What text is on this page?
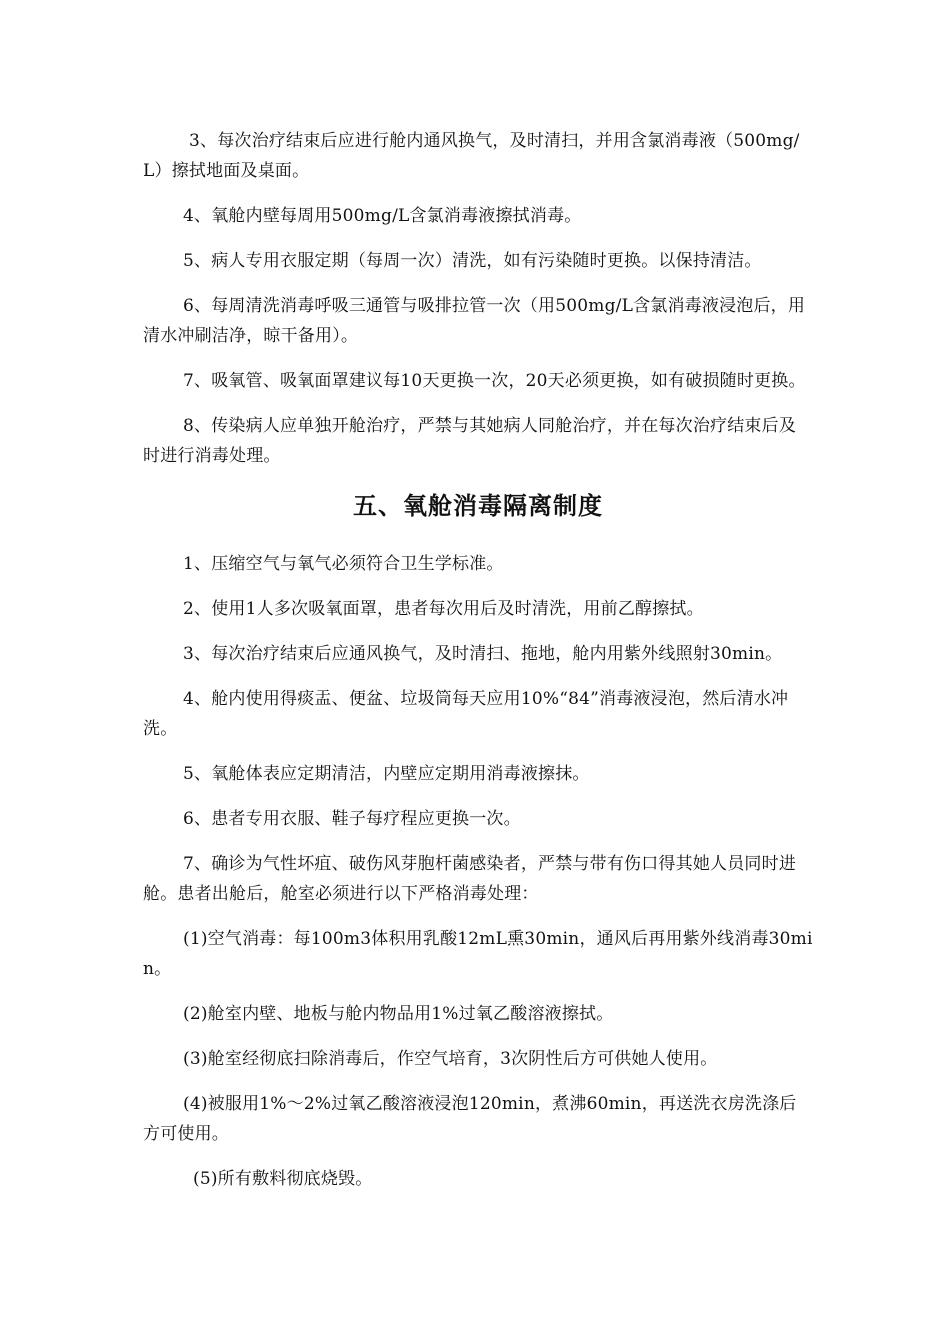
3、每次治疗结束后应进行舱内通风换气，及时清扫，并用含氯消毒液（500mg/L）擦拭地面及桌面。

4、氧舱内壁每周用500mg/L含氯消毒液擦拭消毒。

5、病人专用衣服定期（每周一次）清洗，如有污染随时更换。以保持清洁。

6、每周清洗消毒呼吸三通管与吸排拉管一次（用500mg/L含氯消毒液浸泡后，用清水冲刷洁净，晾干备用）。

7、吸氧管、吸氧面罩建议每10天更换一次，20天必须更换，如有破损随时更换。

8、传染病人应单独开舱治疗，严禁与其她病人同舱治疗，并在每次治疗结束后及时进行消毒处理。

五、氧舱消毒隔离制度

1、压缩空气与氧气必须符合卫生学标准。

2、使用1人多次吸氧面罩，患者每次用后及时清洗，用前乙醇擦拭。

3、每次治疗结束后应通风换气，及时清扫、拖地，舱内用紫外线照射30min。

4、舱内使用得痰盂、便盆、垃圾筒每天应用10%“84”消毒液浸泡，然后清水冲洗。

5、氧舱体表应定期清洁，内壁应定期用消毒液擦抹。

6、患者专用衣服、鞋子每疗程应更换一次。

7、确诊为气性坏疽、破伤风芽胞杆菌感染者，严禁与带有伤口得其她人员同时进舱。患者出舱后，舱室必须进行以下严格消毒处理：

(1)空气消毒：每100m3体积用乳酸12mL熏30min，通风后再用紫外线消毒30min。

(2)舱室内壁、地板与舱内物品用1%过氧乙酸溶液擦拭。

(3)舱室经彻底扫除消毒后，作空气培育，3次阴性后方可供她人使用。

(4)被服用1%～2%过氧乙酸溶液浸泡120min，煮沸60min，再送洗衣房洗涤后方可使用。

(5)所有敷料彻底烧毁。
